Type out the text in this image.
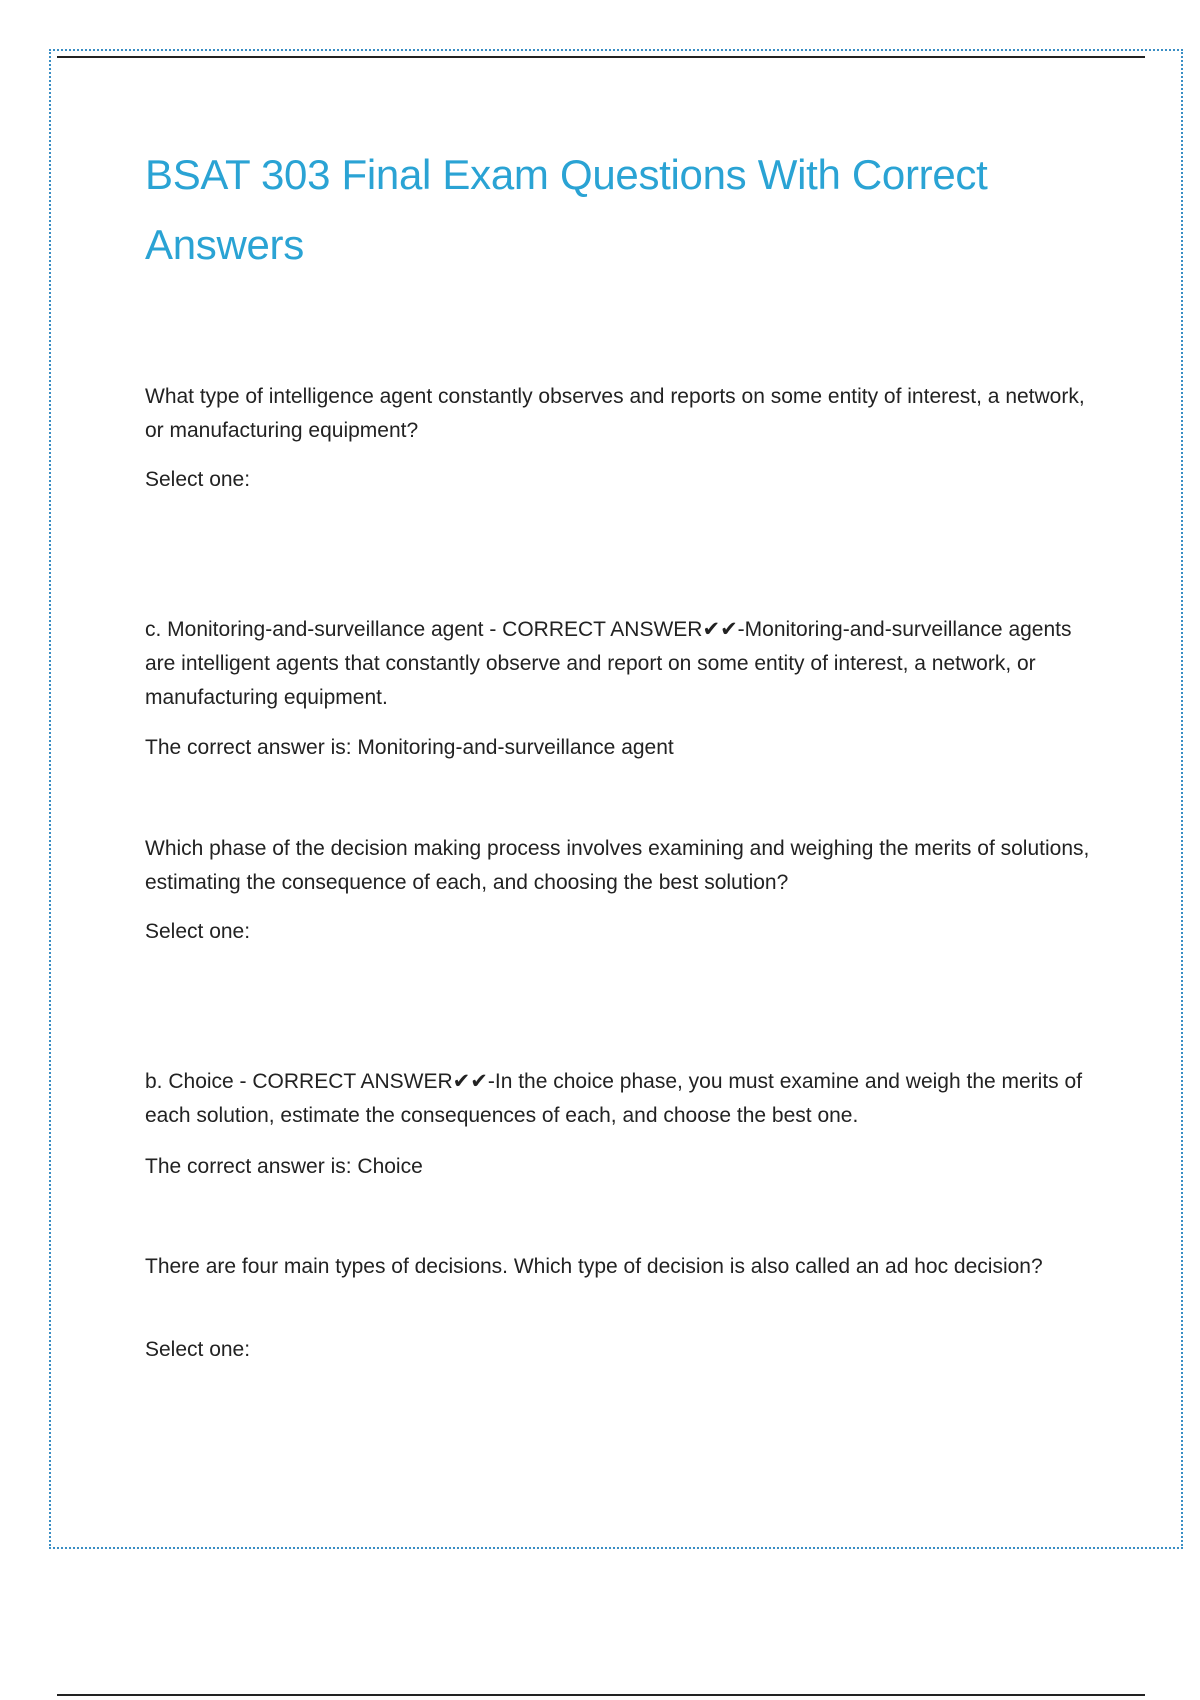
BSAT 303 Final Exam Questions With Correct Answers

What type of intelligence agent constantly observes and reports on some entity of interest, a network, or manufacturing equipment?

Select one:

c. Monitoring-and-surveillance agent - CORRECT ANSWER✔✔-Monitoring-and-surveillance agents are intelligent agents that constantly observe and report on some entity of interest, a network, or manufacturing equipment.

The correct answer is: Monitoring-and-surveillance agent

Which phase of the decision making process involves examining and weighing the merits of solutions, estimating the consequence of each, and choosing the best solution?

Select one:

b. Choice - CORRECT ANSWER✔✔-In the choice phase, you must examine and weigh the merits of each solution, estimate the consequences of each, and choose the best one.

The correct answer is: Choice

There are four main types of decisions. Which type of decision is also called an ad hoc decision?

Select one:
